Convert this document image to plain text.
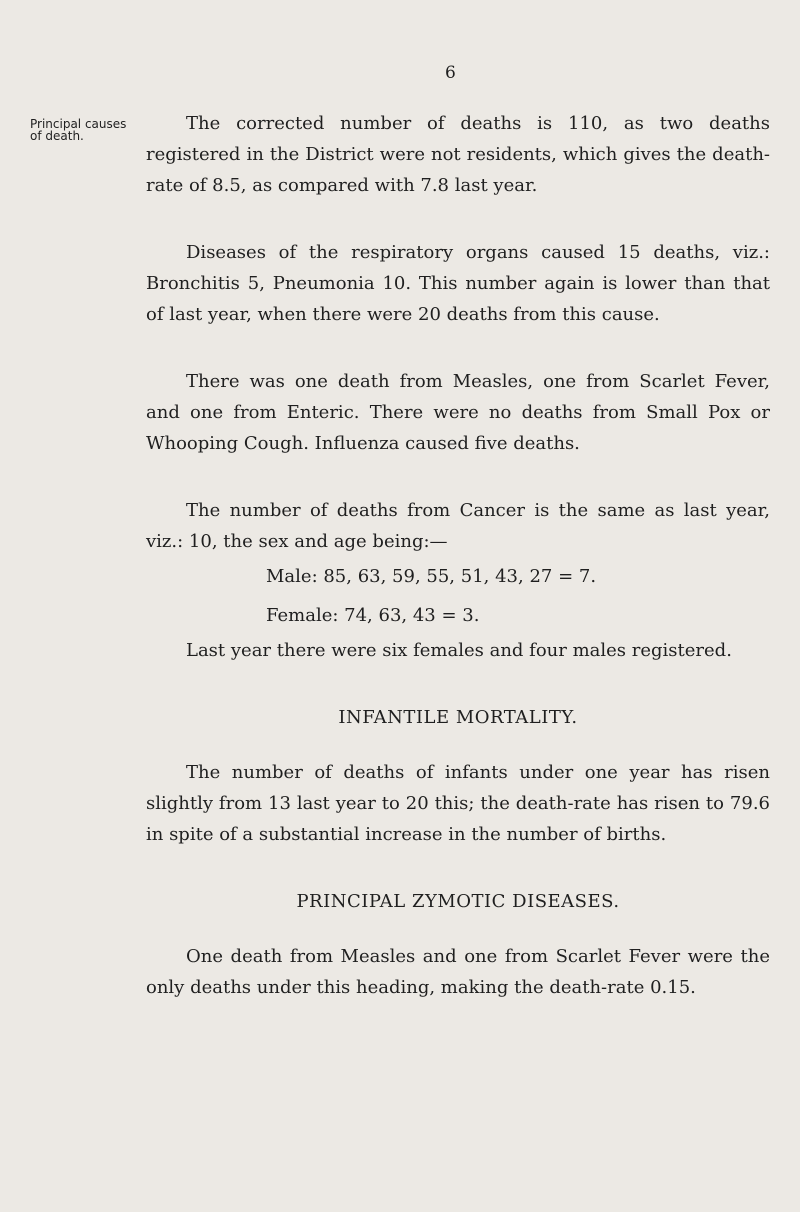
6
Principal causes of death.

The corrected number of deaths is 110, as two deaths registered in the District were not residents, which gives the death-rate of 8.5, as compared with 7.8 last year.

Diseases of the respiratory organs caused 15 deaths, viz.: Bronchitis 5, Pneumonia 10. This number again is lower than that of last year, when there were 20 deaths from this cause.

There was one death from Measles, one from Scarlet Fever, and one from Enteric. There were no deaths from Small Pox or Whooping Cough. Influenza caused five deaths.

The number of deaths from Cancer is the same as last year, viz.: 10, the sex and age being:—

Male: 85, 63, 59, 55, 51, 43, 27 = 7.

Female: 74, 63, 43 = 3.

Last year there were six females and four males registered.

INFANTILE MORTALITY.

The number of deaths of infants under one year has risen slightly from 13 last year to 20 this; the death-rate has risen to 79.6 in spite of a substantial increase in the number of births.

PRINCIPAL ZYMOTIC DISEASES.

One death from Measles and one from Scarlet Fever were the only deaths under this heading, making the death-rate 0.15.
